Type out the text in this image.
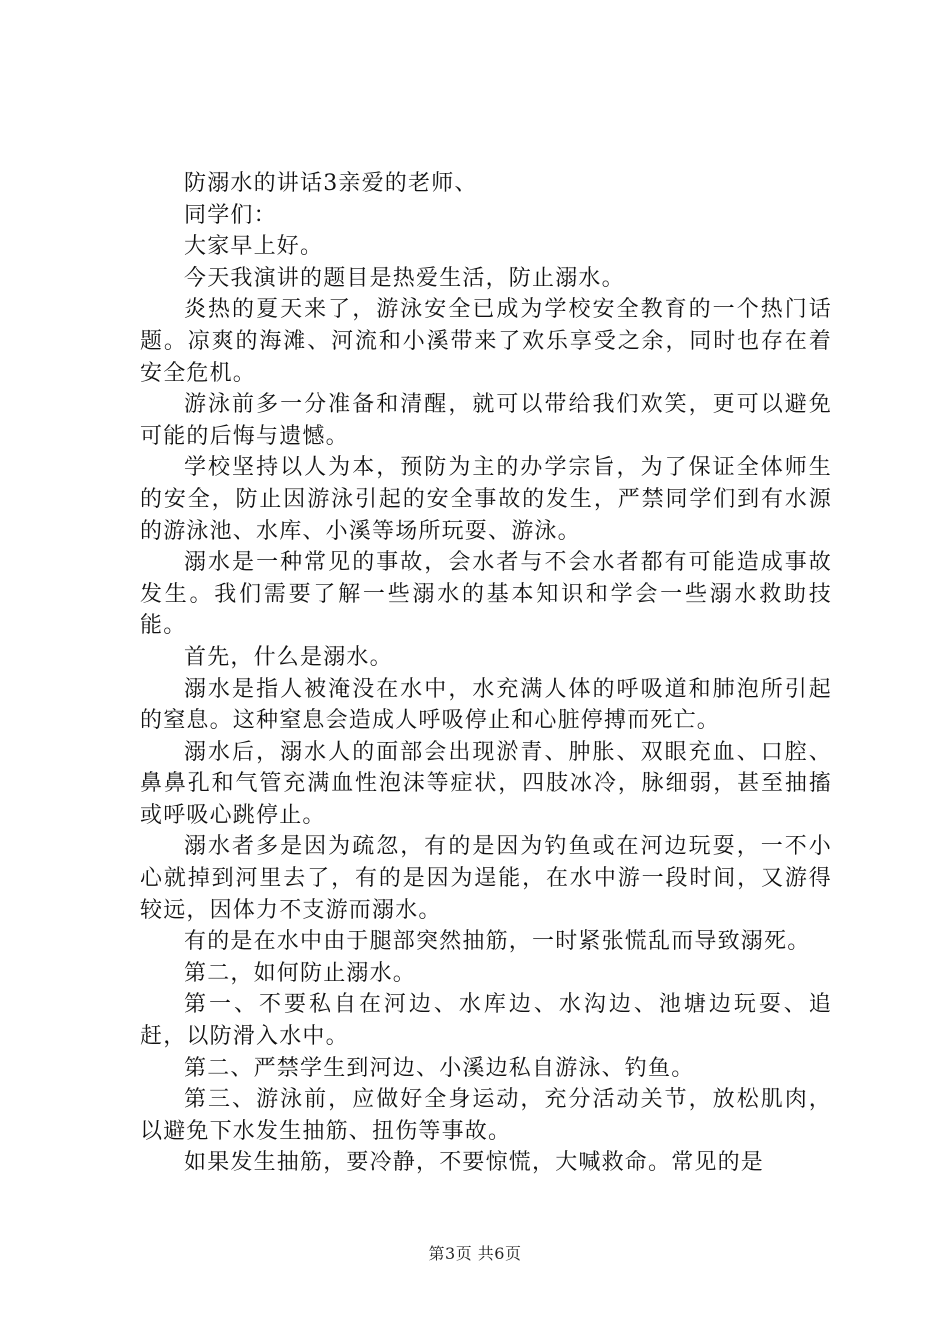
防溺水的讲话3亲爱的老师、

同学们：

大家早上好。

今天我演讲的题目是热爱生活，防止溺水。

炎热的夏天来了，游泳安全已成为学校安全教育的一个热门话题。凉爽的海滩、河流和小溪带来了欢乐享受之余，同时也存在着安全危机。

游泳前多一分准备和清醒，就可以带给我们欢笑，更可以避免可能的后悔与遗憾。

学校坚持以人为本，预防为主的办学宗旨，为了保证全体师生的安全，防止因游泳引起的安全事故的发生，严禁同学们到有水源的游泳池、水库、小溪等场所玩耍、游泳。

溺水是一种常见的事故，会水者与不会水者都有可能造成事故发生。我们需要了解一些溺水的基本知识和学会一些溺水救助技能。

首先，什么是溺水。

溺水是指人被淹没在水中，水充满人体的呼吸道和肺泡所引起的窒息。这种窒息会造成人呼吸停止和心脏停搏而死亡。

溺水后，溺水人的面部会出现淤青、肿胀、双眼充血、口腔、鼻鼻孔和气管充满血性泡沫等症状，四肢冰冷，脉细弱，甚至抽搐或呼吸心跳停止。

溺水者多是因为疏忽，有的是因为钓鱼或在河边玩耍，一不小心就掉到河里去了，有的是因为逞能，在水中游一段时间，又游得较远，因体力不支游而溺水。

有的是在水中由于腿部突然抽筋，一时紧张慌乱而导致溺死。

第二，如何防止溺水。

第一、不要私自在河边、水库边、水沟边、池塘边玩耍、追赶，以防滑入水中。

第二、严禁学生到河边、小溪边私自游泳、钓鱼。

第三、游泳前，应做好全身运动，充分活动关节，放松肌肉，以避免下水发生抽筋、扭伤等事故。

如果发生抽筋，要冷静，不要惊慌，大喊救命。常见的是

第3页 共6页
